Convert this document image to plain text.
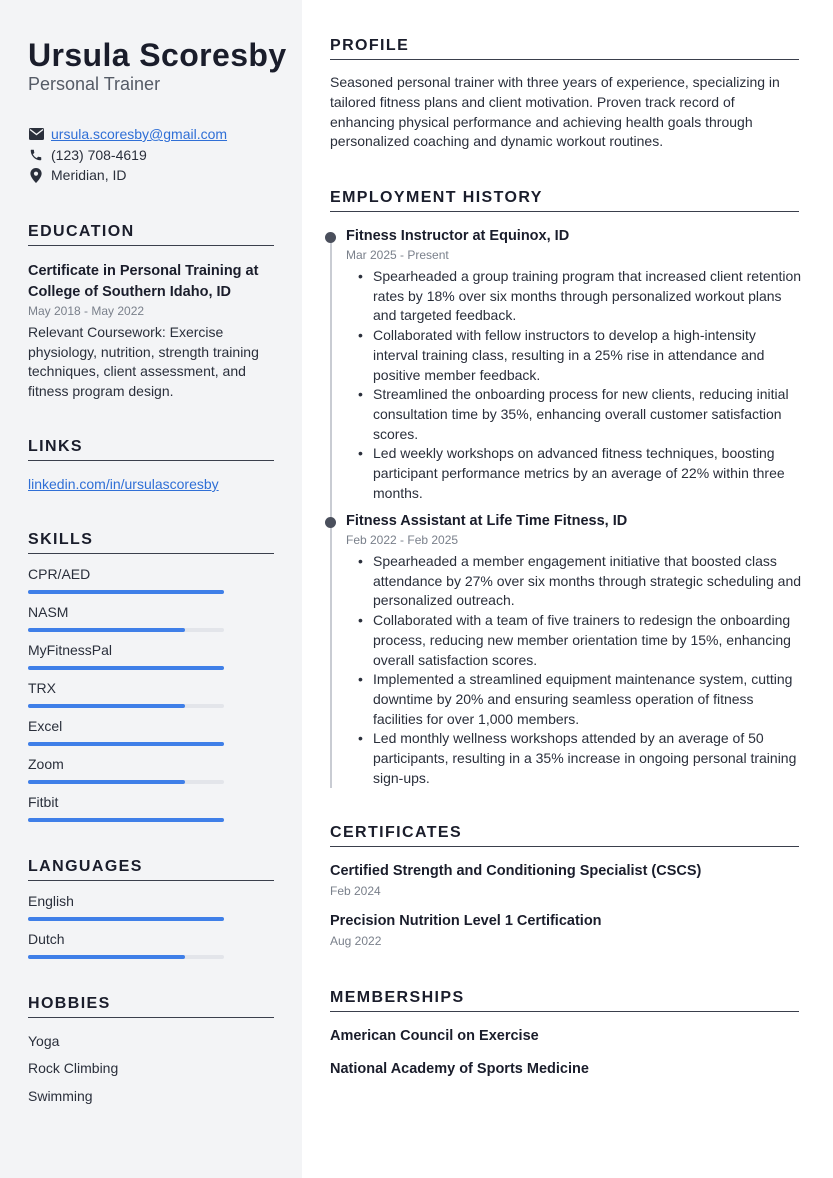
Ursula Scoresby
Personal Trainer
ursula.scoresby@gmail.com
(123) 708-4619
Meridian, ID
EDUCATION
Certificate in Personal Training at College of Southern Idaho, ID
May 2018 - May 2022
Relevant Coursework: Exercise physiology, nutrition, strength training techniques, client assessment, and fitness program design.
LINKS
linkedin.com/in/ursulascoresby
SKILLS
CPR/AED
NASM
MyFitnessPal
TRX
Excel
Zoom
Fitbit
LANGUAGES
English
Dutch
HOBBIES
Yoga
Rock Climbing
Swimming
PROFILE
Seasoned personal trainer with three years of experience, specializing in tailored fitness plans and client motivation. Proven track record of enhancing physical performance and achieving health goals through personalized coaching and dynamic workout routines.
EMPLOYMENT HISTORY
Fitness Instructor at Equinox, ID
Mar 2025 - Present
• Spearheaded a group training program that increased client retention rates by 18% over six months through personalized workout plans and targeted feedback.
• Collaborated with fellow instructors to develop a high-intensity interval training class, resulting in a 25% rise in attendance and positive member feedback.
• Streamlined the onboarding process for new clients, reducing initial consultation time by 35%, enhancing overall customer satisfaction scores.
• Led weekly workshops on advanced fitness techniques, boosting participant performance metrics by an average of 22% within three months.
Fitness Assistant at Life Time Fitness, ID
Feb 2022 - Feb 2025
• Spearheaded a member engagement initiative that boosted class attendance by 27% over six months through strategic scheduling and personalized outreach.
• Collaborated with a team of five trainers to redesign the onboarding process, reducing new member orientation time by 15%, enhancing overall satisfaction scores.
• Implemented a streamlined equipment maintenance system, cutting downtime by 20% and ensuring seamless operation of fitness facilities for over 1,000 members.
• Led monthly wellness workshops attended by an average of 50 participants, resulting in a 35% increase in ongoing personal training sign-ups.
CERTIFICATES
Certified Strength and Conditioning Specialist (CSCS)
Feb 2024
Precision Nutrition Level 1 Certification
Aug 2022
MEMBERSHIPS
American Council on Exercise
National Academy of Sports Medicine
